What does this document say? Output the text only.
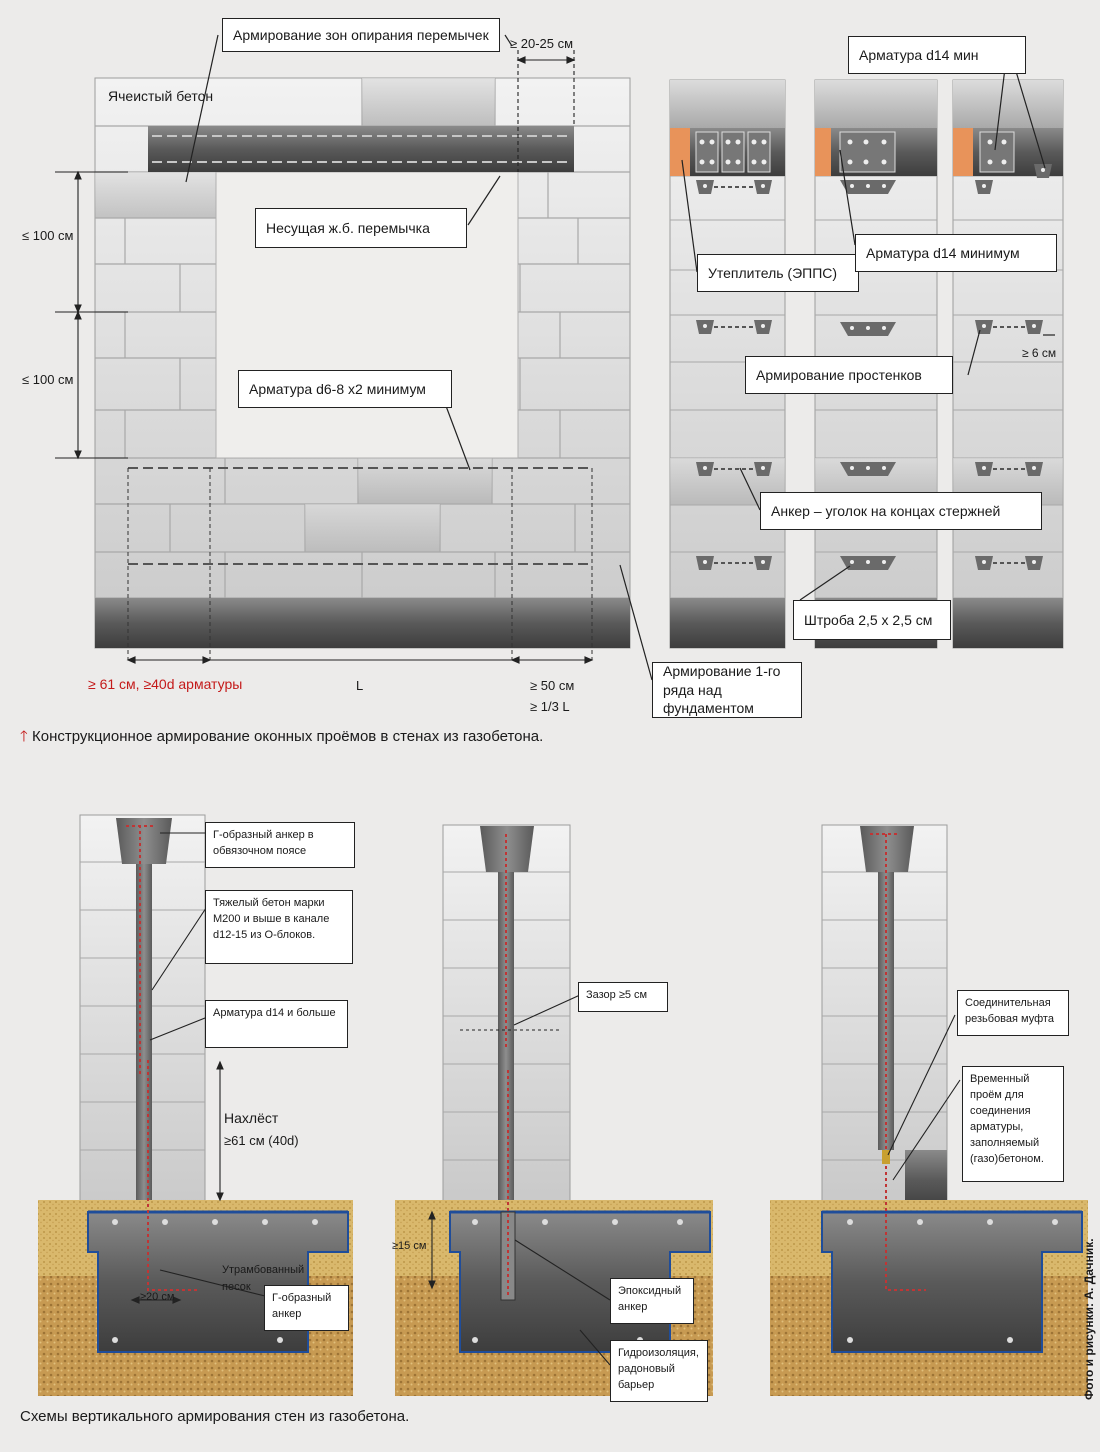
Армирование зон опирания перемычек
Ячеистый бетон
Несущая ж.б. перемычка
Арматура d6-8 x2 минимум
Армирование 1-го ряда над фундаментом
Арматура d14 мин
Утеплитель (ЭППС)
Арматура d14 минимум
Армирование простенков
Анкер – уголок на концах стержней
Штроба 2,5 х 2,5 см
Г-образный анкер в обвязочном поясе
Тяжелый бетон марки М200 и выше в канале d12-15 из О-блоков.
Арматура d14 и больше
Нахлёст
≥61 см (40d)
Утрамбованный песок
Г-образный анкер
Зазор ≥5 см
Эпоксидный анкер
Гидроизоляция, радоновый барьер
Соединительная резьбовая муфта
Временный проём для соединения арматуры, заполняемый (газо)бетоном.
≥ 20-25 см
≤ 100 см
≤ 100 см
≥ 61 см, ≥40d арматуры	L	≥ 50 см
≥ 1/3 L
≥ 6 см
≥20 см
≥15 см
🡑 Конструкционное армирование оконных проёмов в стенах из газобетона.
Схемы вертикального армирования стен из газобетона.
Фото и рисунки: А. Дачник.
